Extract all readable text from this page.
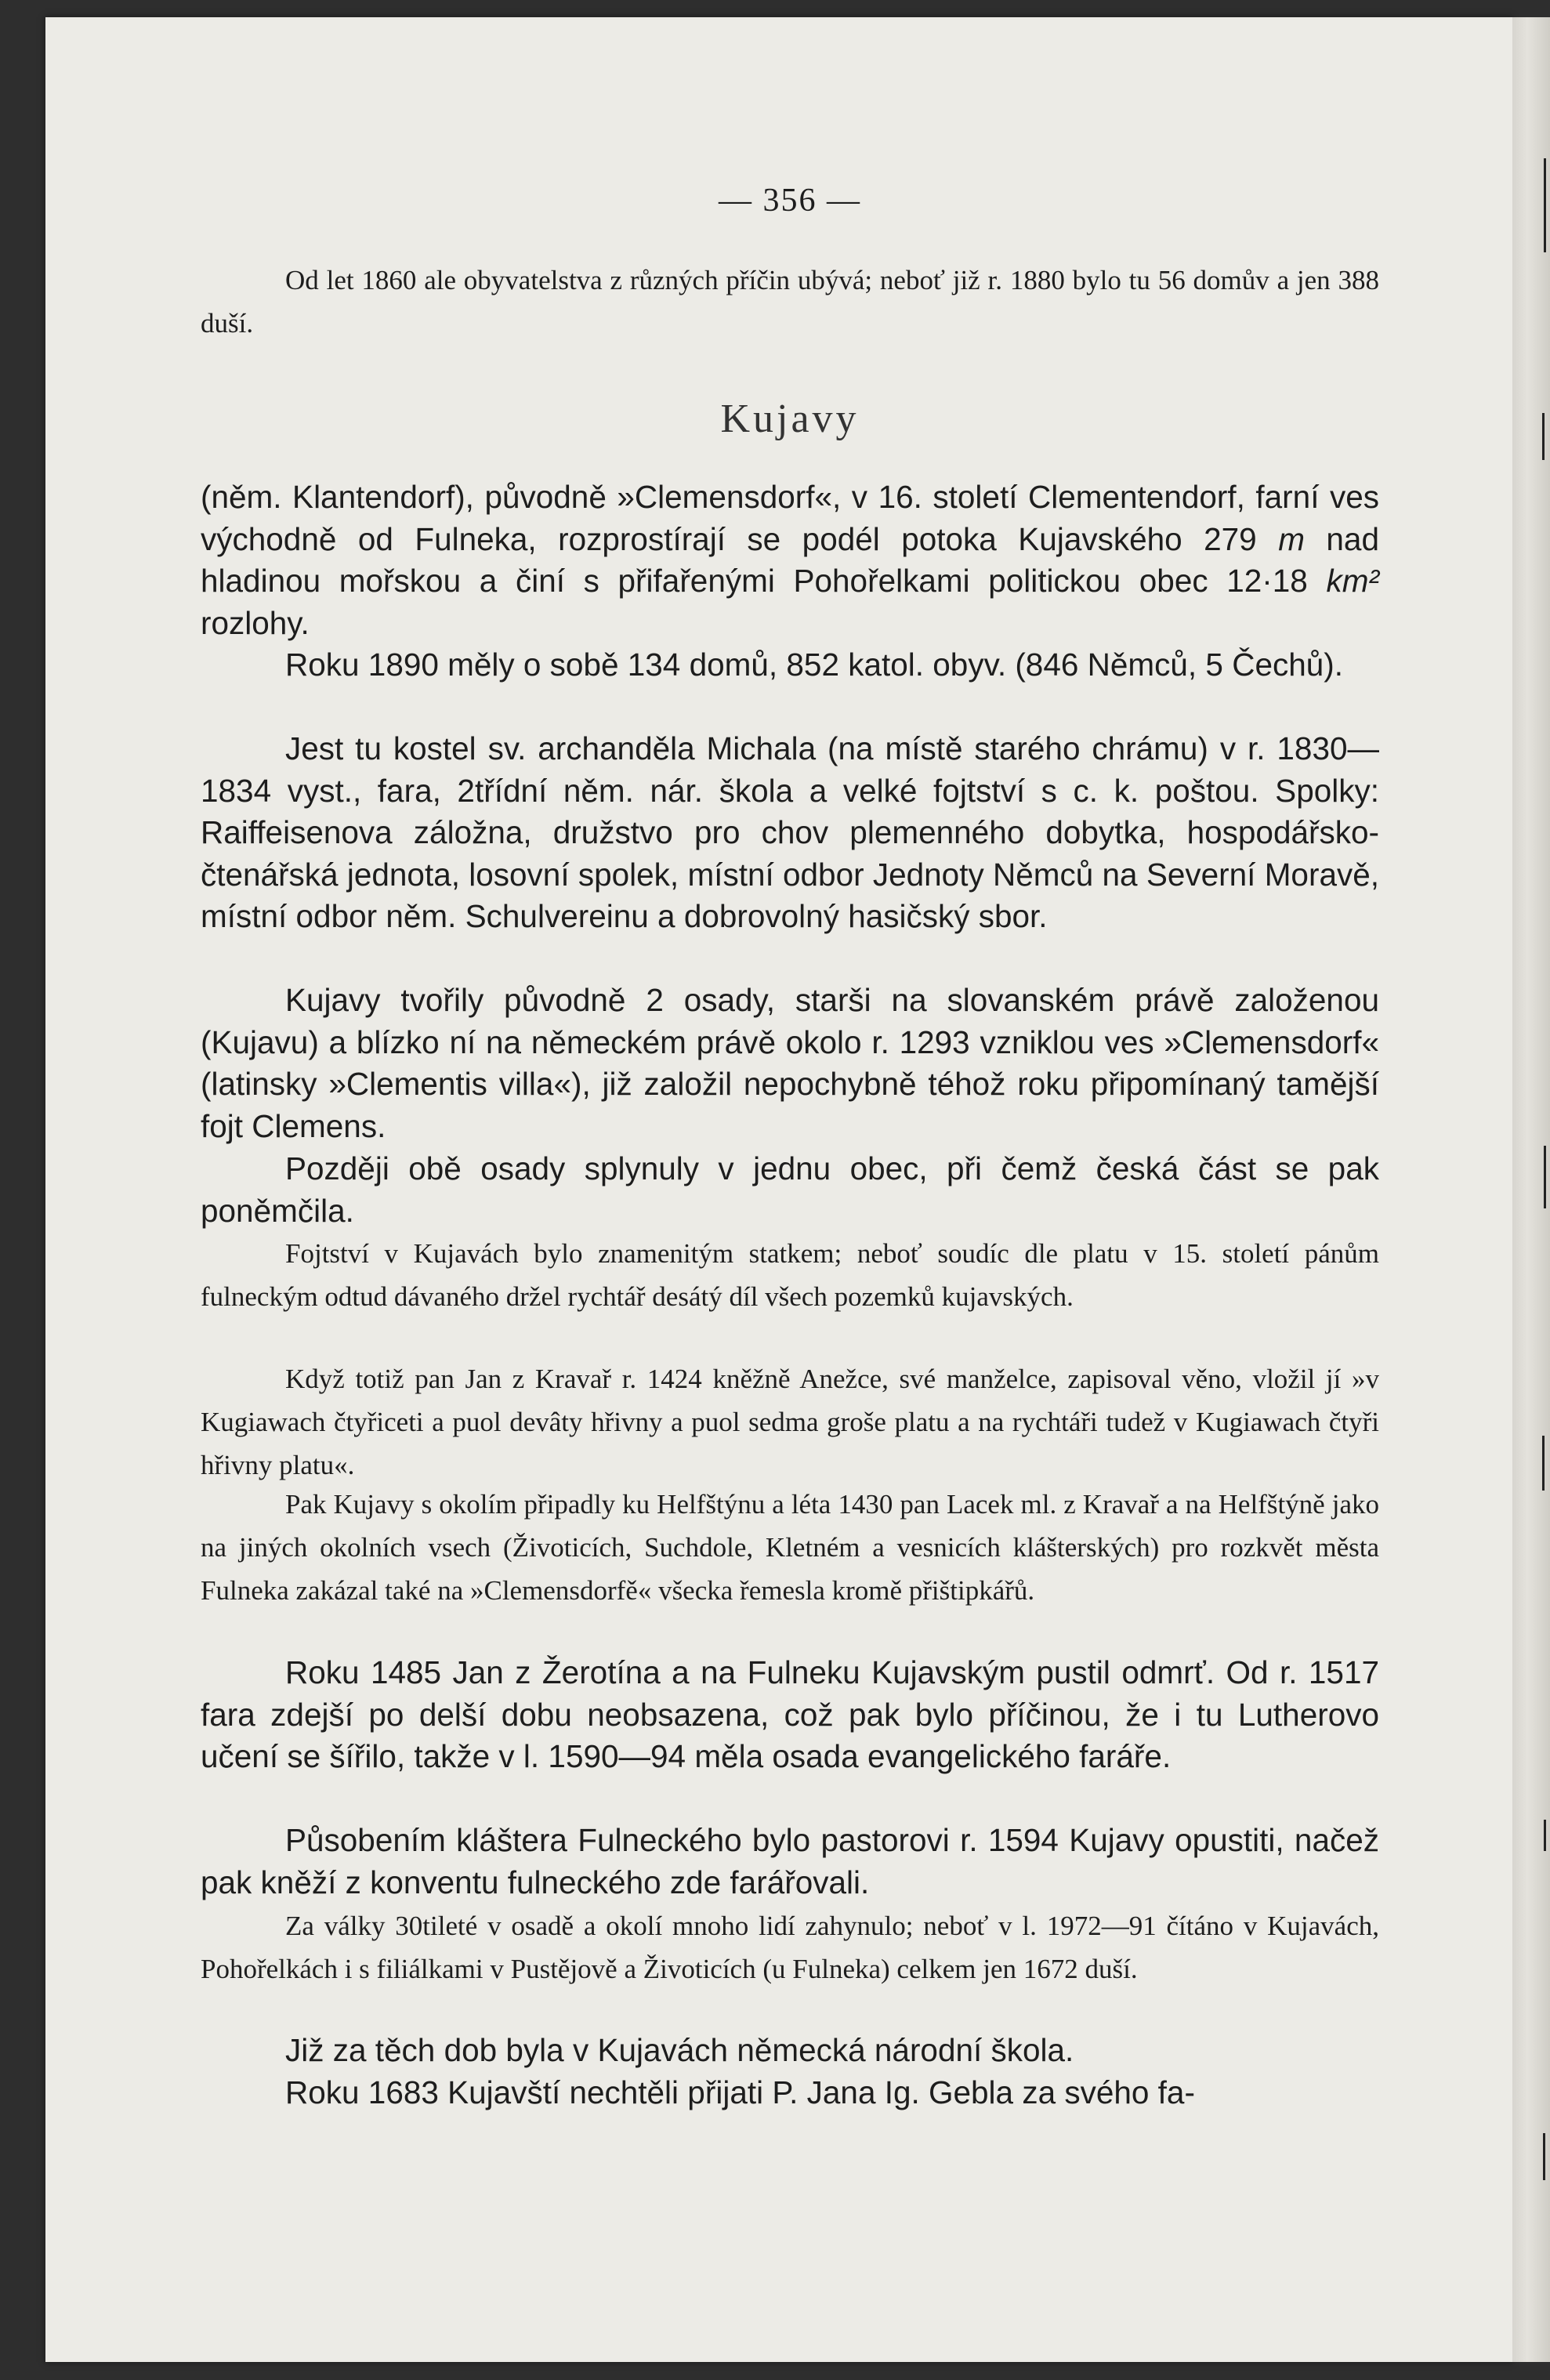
— 356 —

Od let 1860 ale obyvatelstva z různých příčin ubývá; neboť již r. 1880 bylo tu 56 domův a jen 388 duší.

Kujavy

(něm. Klantendorf), původně »Clemensdorf«, v 16. století Clementendorf, farní ves východně od Fulneka, rozprostírají se podél potoka Kujavského 279 m nad hladinou mořskou a činí s přifařenými Pohořelkami politickou obec 12·18 km² rozlohy.

Roku 1890 měly o sobě 134 domů, 852 katol. obyv. (846 Němců, 5 Čechů).

Jest tu kostel sv. archanděla Michala (na místě starého chrámu) v r. 1830—1834 vyst., fara, 2třídní něm. nár. škola a velké fojtství s c. k. poštou. Spolky: Raiffeisenova záložna, družstvo pro chov plemenného dobytka, hospodářsko-čtenářská jednota, losovní spolek, místní odbor Jednoty Němců na Severní Moravě, místní odbor něm. Schulvereinu a dobrovolný hasičský sbor.

Kujavy tvořily původně 2 osady, starši na slovanském právě založenou (Kujavu) a blízko ní na německém právě okolo r. 1293 vzniklou ves »Clemensdorf« (latinsky »Clementis villa«), již založil nepochybně téhož roku připomínaný tamější fojt Clemens.

Později obě osady splynuly v jednu obec, při čemž česká část se pak poněmčila.

Fojtství v Kujavách bylo znamenitým statkem; neboť soudíc dle platu v 15. století pánům fulneckým odtud dávaného držel rychtář desátý díl všech pozemků kujavských.

Když totiž pan Jan z Kravař r. 1424 kněžně Anežce, své manželce, zapisoval věno, vložil jí »v Kugiawach čtyřiceti a puol devâty hřivny a puol sedma groše platu a na rychtáři tudež v Kugiawach čtyři hřivny platu«.

Pak Kujavy s okolím připadly ku Helfštýnu a léta 1430 pan Lacek ml. z Kravař a na Helfštýně jako na jiných okolních vsech (Životicích, Suchdole, Kletném a vesnicích klášterských) pro rozkvět města Fulneka zakázal také na »Clemensdorfě« všecka řemesla kromě přištipkářů.

Roku 1485 Jan z Žerotína a na Fulneku Kujavským pustil odmrť. Od r. 1517 fara zdejší po delší dobu neobsazena, což pak bylo příčinou, že i tu Lutherovo učení se šířilo, takže v l. 1590—94 měla osada evangelického faráře.

Působením kláštera Fulneckého bylo pastorovi r. 1594 Kujavy opustiti, načež pak kněží z konventu fulneckého zde farářovali.

Za války 30tileté v osadě a okolí mnoho lidí zahynulo; neboť v l. 1972—91 čítáno v Kujavách, Pohořelkách i s filiálkami v Pustějově a Životicích (u Fulneka) celkem jen 1672 duší.

Již za těch dob byla v Kujavách německá národní škola.

Roku 1683 Kujavští nechtěli přijati P. Jana Ig. Gebla za svého fa-
